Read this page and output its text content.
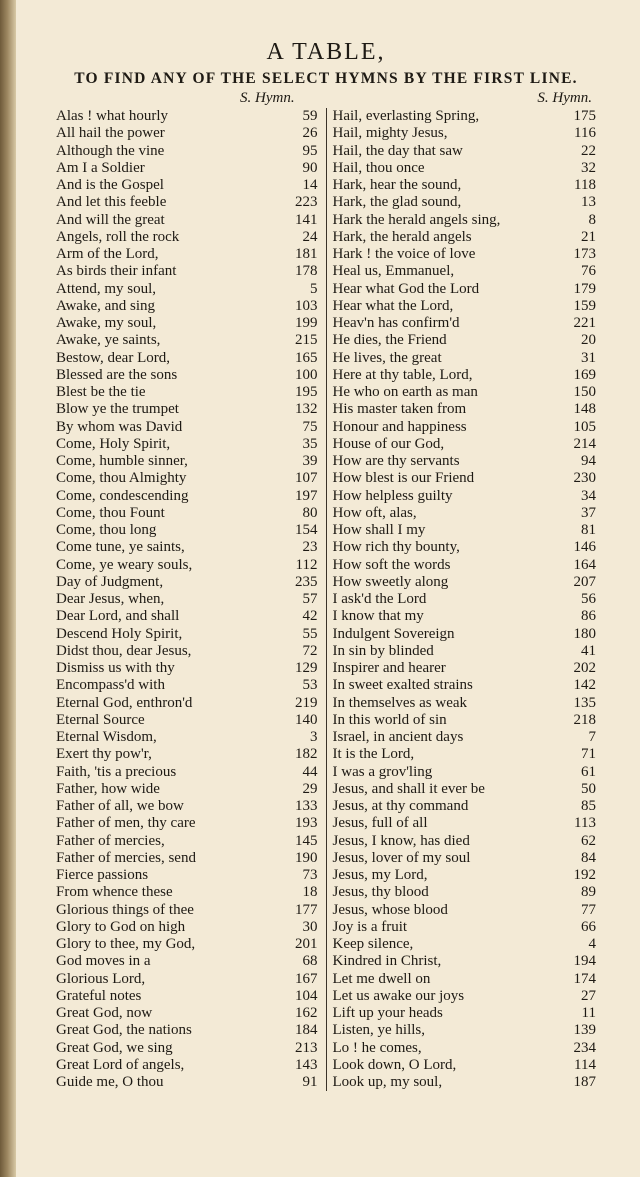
A TABLE,

TO FIND ANY OF THE SELECT HYMNS BY THE FIRST LINE.

S. Hymn.	S. Hymn.
Alas ! what hourly	59
All hail the power	26
Although the vine	95
Am I a Soldier	90
And is the Gospel	14
And let this feeble	223
And will the great	141
Angels, roll the rock	24
Arm of the Lord,	181
As birds their infant	178
Attend, my soul,	5
Awake, and sing	103
Awake, my soul,	199
Awake, ye saints,	215
Bestow, dear Lord,	165
Blessed are the sons	100
Blest be the tie	195
Blow ye the trumpet	132
By whom was David	75
Come, Holy Spirit,	35
Come, humble sinner,	39
Come, thou Almighty	107
Come, condescending	197
Come, thou Fount	80
Come, thou long	154
Come tune, ye saints,	23
Come, ye weary souls,	112
Day of Judgment,	235
Dear Jesus, when,	57
Dear Lord, and shall	42
Descend Holy Spirit,	55
Didst thou, dear Jesus,	72
Dismiss us with thy	129
Encompass'd with	53
Eternal God, enthron'd	219
Eternal Source	140
Eternal Wisdom,	3
Exert thy pow'r,	182
Faith, 'tis a precious	44
Father, how wide	29
Father of all, we bow	133
Father of men, thy care	193
Father of mercies,	145
Father of mercies, send	190
Fierce passions	73
From whence these	18
Glorious things of thee	177
Glory to God on high	30
Glory to thee, my God,	201
God moves in a	68
Glorious Lord,	167
Grateful notes	104
Great God, now	162
Great God, the nations	184
Great God, we sing	213
Great Lord of angels,	143
Guide me, O thou	91
Hail, everlasting Spring,	175
Hail, mighty Jesus,	116
Hail, the day that saw	22
Hail, thou once	32
Hark, hear the sound,	118
Hark, the glad sound,	13
Hark the herald angels sing,	8
Hark, the herald angels	21
Hark ! the voice of love	173
Heal us, Emmanuel,	76
Hear what God the Lord	179
Hear what the Lord,	159
Heav'n has confirm'd	221
He dies, the Friend	20
He lives, the great	31
Here at thy table, Lord,	169
He who on earth as man	150
His master taken from	148
Honour and happiness	105
House of our God,	214
How are thy servants	94
How blest is our Friend	230
How helpless guilty	34
How oft, alas,	37
How shall I my	81
How rich thy bounty,	146
How soft the words	164
How sweetly along	207
I ask'd the Lord	56
I know that my	86
Indulgent Sovereign	180
In sin by blinded	41
Inspirer and hearer	202
In sweet exalted strains	142
In themselves as weak	135
In this world of sin	218
Israel, in ancient days	7
It is the Lord,	71
I was a grov'ling	61
Jesus, and shall it ever be	50
Jesus, at thy command	85
Jesus, full of all	113
Jesus, I know, has died	62
Jesus, lover of my soul	84
Jesus, my Lord,	192
Jesus, thy blood	89
Jesus, whose blood	77
Joy is a fruit	66
Keep silence,	4
Kindred in Christ,	194
Let me dwell on	174
Let us awake our joys	27
Lift up your heads	11
Listen, ye hills,	139
Lo ! he comes,	234
Look down, O Lord,	114
Look up, my soul,	187
